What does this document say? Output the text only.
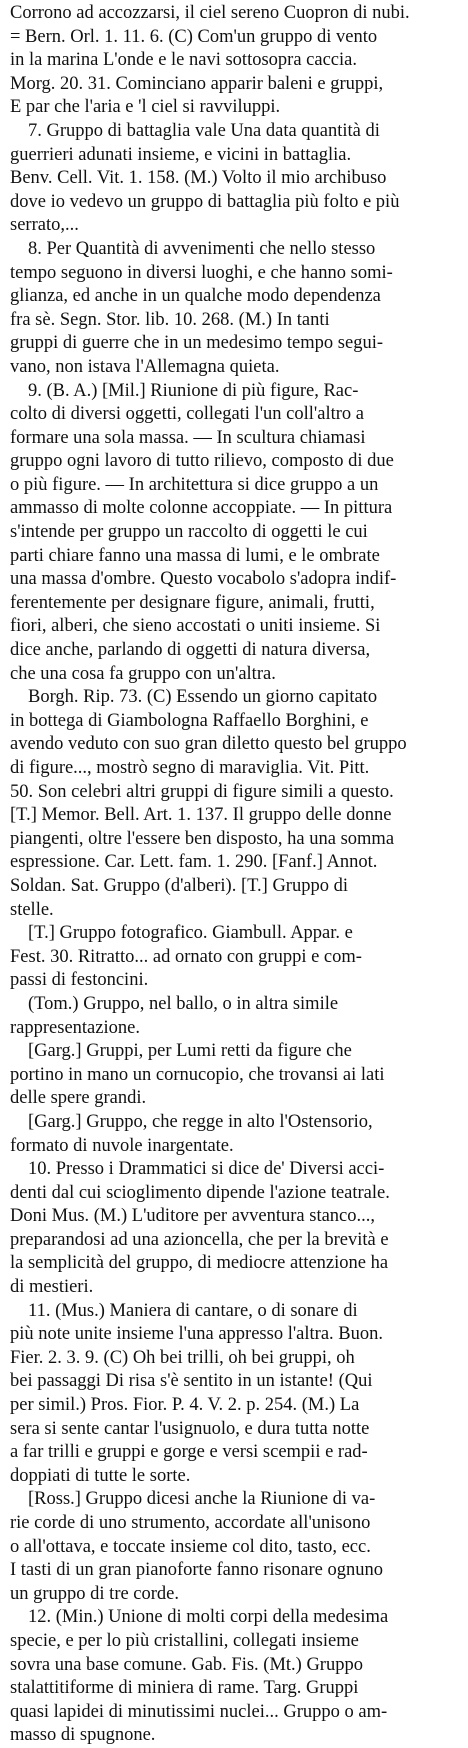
Corrono ad accozzarsi, il ciel sereno Cuopron di nubi.
= Bern. Orl. 1. 11. 6. (C) Com'un gruppo di vento
in la marina L'onde e le navi sottosopra caccia.
Morg. 20. 31. Cominciano apparir baleni e gruppi,
E par che l'aria e 'l ciel si ravviluppi.
7. Gruppo di battaglia vale Una data quantità di
guerrieri adunati insieme, e vicini in battaglia.
Benv. Cell. Vit. 1. 158. (M.) Volto il mio archibuso
dove io vedevo un gruppo di battaglia più folto e più
serrato,...
8. Per Quantità di avvenimenti che nello stesso
tempo seguono in diversi luoghi, e che hanno somi-
glianza, ed anche in un qualche modo dependenza
fra sè. Segn. Stor. lib. 10. 268. (M.) In tanti
gruppi di guerre che in un medesimo tempo segui-
vano, non istava l'Allemagna quieta.
9. (B. A.) [Mil.] Riunione di più figure, Rac-
colto di diversi oggetti, collegati l'un coll'altro a
formare una sola massa. — In scultura chiamasi
gruppo ogni lavoro di tutto rilievo, composto di due
o più figure. — In architettura si dice gruppo a un
ammasso di molte colonne accoppiate. — In pittura
s'intende per gruppo un raccolto di oggetti le cui
parti chiare fanno una massa di lumi, e le ombrate
una massa d'ombre. Questo vocabolo s'adopra indif-
ferentemente per designare figure, animali, frutti,
fiori, alberi, che sieno accostati o uniti insieme. Si
dice anche, parlando di oggetti di natura diversa,
che una cosa fa gruppo con un'altra.
Borgh. Rip. 73. (C) Essendo un giorno capitato
in bottega di Giambologna Raffaello Borghini, e
avendo veduto con suo gran diletto questo bel gruppo
di figure..., mostrò segno di maraviglia. Vit. Pitt.
50. Son celebri altri gruppi di figure simili a questo.
[T.] Memor. Bell. Art. 1. 137. Il gruppo delle donne
piangenti, oltre l'essere ben disposto, ha una somma
espressione. Car. Lett. fam. 1. 290. [Fanf.] Annot.
Soldan. Sat. Gruppo (d'alberi). [T.] Gruppo di
stelle.
[T.] Gruppo fotografico. Giambull. Appar. e
Fest. 30. Ritratto... ad ornato con gruppi e com-
passi di festoncini.
(Tom.) Gruppo, nel ballo, o in altra simile
rappresentazione.
[Garg.] Gruppi, per Lumi retti da figure che
portino in mano un cornucopio, che trovansi ai lati
delle spere grandi.
[Garg.] Gruppo, che regge in alto l'Ostensorio,
formato di nuvole inargentate.
10. Presso i Drammatici si dice de' Diversi acci-
denti dal cui scioglimento dipende l'azione teatrale.
Doni Mus. (M.) L'uditore per avventura stanco...,
preparandosi ad una azioncella, che per la brevità e
la semplicità del gruppo, di mediocre attenzione ha
di mestieri.
11. (Mus.) Maniera di cantare, o di sonare di
più note unite insieme l'una appresso l'altra. Buon.
Fier. 2. 3. 9. (C) Oh bei trilli, oh bei gruppi, oh
bei passaggi Di risa s'è sentito in un istante! (Qui
per simil.) Pros. Fior. P. 4. V. 2. p. 254. (M.) La
sera si sente cantar l'usignuolo, e dura tutta notte
a far trilli e gruppi e gorge e versi scempii e rad-
doppiati di tutte le sorte.
[Ross.] Gruppo dicesi anche la Riunione di va-
rie corde di uno strumento, accordate all'unisono
o all'ottava, e toccate insieme col dito, tasto, ecc.
I tasti di un gran pianoforte fanno risonare ognuno
un gruppo di tre corde.
12. (Min.) Unione di molti corpi della medesima
specie, e per lo più cristallini, collegati insieme
sovra una base comune. Gab. Fis. (Mt.) Gruppo
stalattitiforme di miniera di rame. Targ. Gruppi
quasi lapidei di minutissimi nuclei... Gruppo o am-
masso di spugnone.
